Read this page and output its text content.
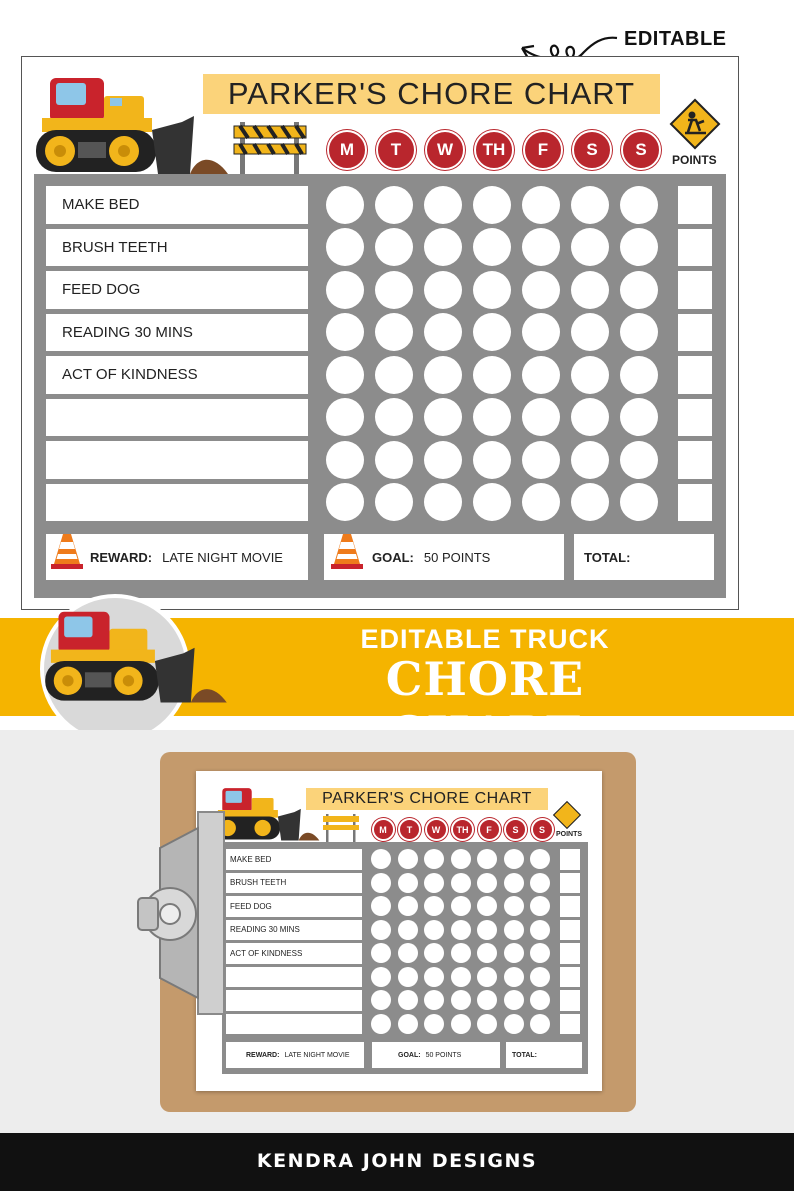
EDITABLE
PARKER'S CHORE CHART
POINTS
M	T	W	TH	F	S	S
MAKE BED
BRUSH TEETH
FEED DOG
READING 30 MINS
ACT OF KINDNESS
REWARD: LATE NIGHT MOVIE	GOAL: 50 POINTS	TOTAL:
EDITABLE TRUCK
CHORE
PARKER'S CHORE CHART
POINTS
M	T	W	TH	F	S	S
MAKE BED
BRUSH TEETH
FEED DOG
READING 30 MINS
ACT OF KINDNESS
REWARD: LATE NIGHT MOVIE	GOAL: 50 POINTS	TOTAL:
KENDRA JOHN DESIGNS
